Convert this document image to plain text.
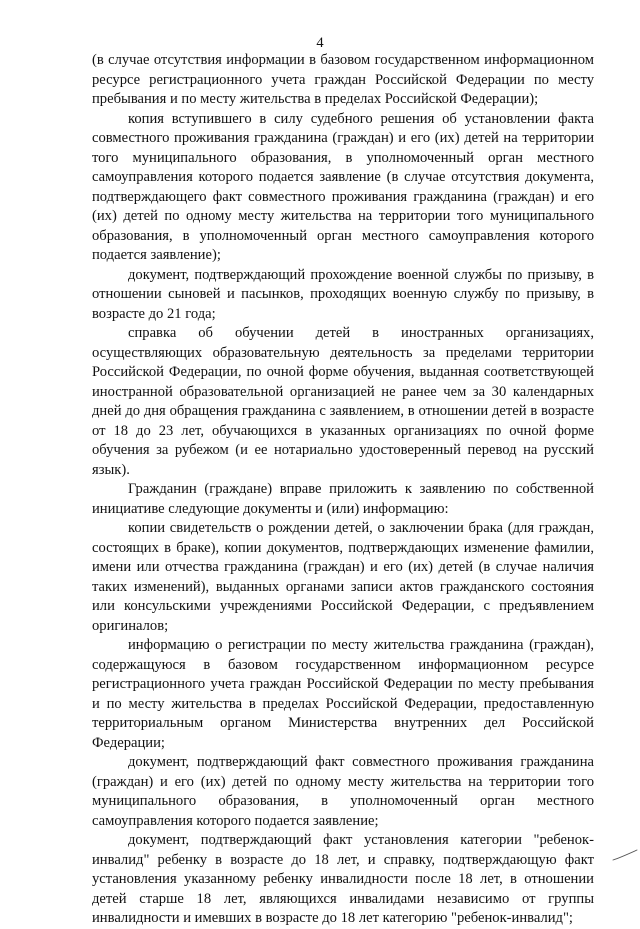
4

(в случае отсутствия информации в базовом государственном информационном ресурсе регистрационного учета граждан Российской Федерации по месту пребывания и по месту жительства в пределах Российской Федерации);

копия вступившего в силу судебного решения об установлении факта совместного проживания гражданина (граждан) и его (их) детей на территории того муниципального образования, в уполномоченный орган местного самоуправления которого подается заявление (в случае отсутствия документа, подтверждающего факт совместного проживания гражданина (граждан) и его (их) детей по одному месту жительства на территории того муниципального образования, в уполномоченный орган местного самоуправления которого подается заявление);

документ, подтверждающий прохождение военной службы по призыву, в отношении сыновей и пасынков, проходящих военную службу по призыву, в возрасте до 21 года;

справка об обучении детей в иностранных организациях, осуществляющих образовательную деятельность за пределами территории Российской Федерации, по очной форме обучения, выданная соответствующей иностранной образовательной организацией не ранее чем за 30 календарных дней до дня обращения гражданина с заявлением, в отношении детей в возрасте от 18 до 23 лет, обучающихся в указанных организациях по очной форме обучения за рубежом (и ее нотариально удостоверенный перевод на русский язык).

Гражданин (граждане) вправе приложить к заявлению по собственной инициативе следующие документы и (или) информацию:

копии свидетельств о рождении детей, о заключении брака (для граждан, состоящих в браке), копии документов, подтверждающих изменение фамилии, имени или отчества гражданина (граждан) и его (их) детей (в случае наличия таких изменений), выданных органами записи актов гражданского состояния или консульскими учреждениями Российской Федерации, с предъявлением оригиналов;

информацию о регистрации по месту жительства гражданина (граждан), содержащуюся в базовом государственном информационном ресурсе регистрационного учета граждан Российской Федерации по месту пребывания и по месту жительства в пределах Российской Федерации, предоставленную территориальным органом Министерства внутренних дел Российской Федерации;

документ, подтверждающий факт совместного проживания гражданина (граждан) и его (их) детей по одному месту жительства на территории того муниципального образования, в уполномоченный орган местного самоуправления которого подается заявление;

документ, подтверждающий факт установления категории "ребенок-инвалид" ребенку в возрасте до 18 лет, и справку, подтверждающую факт установления указанному ребенку инвалидности после 18 лет, в отношении детей старше 18 лет, являющихся инвалидами независимо от группы инвалидности и имевших в возрасте до 18 лет категорию "ребенок-инвалид";
